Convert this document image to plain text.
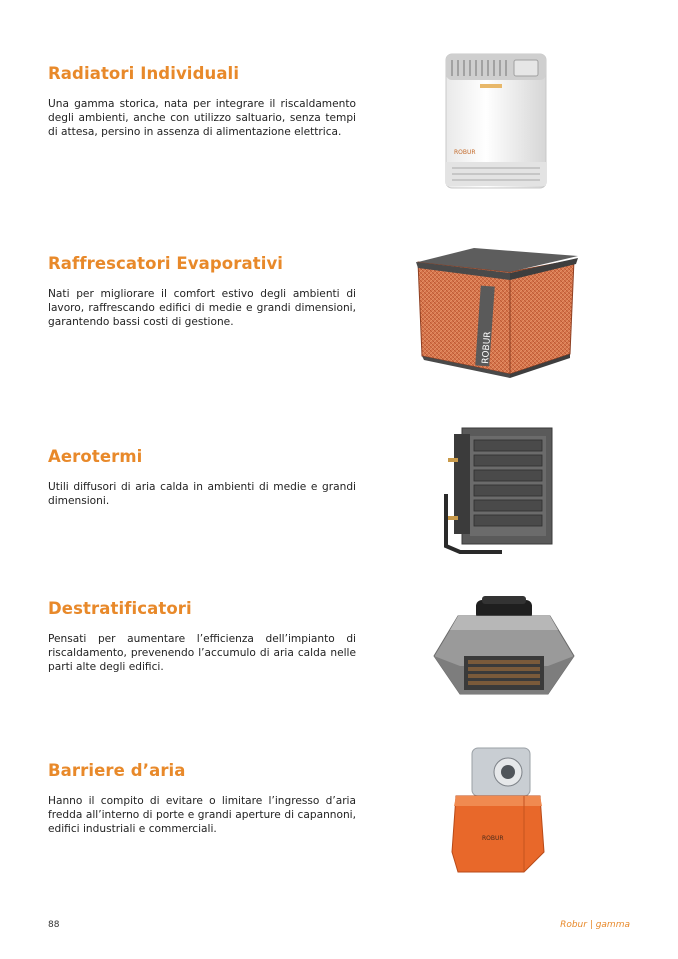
Radiatori Individuali

Una gamma storica, nata per integrare il riscaldamento degli ambienti, anche con utilizzo saltuario, senza tempi di attesa, persino in assenza di alimentazione elettrica.

ROBUR
Raffrescatori Evaporativi

Nati per migliorare il comfort estivo degli ambienti di lavoro, raffrescando edifici di medie e grandi dimensioni, garantendo bassi costi di gestione.

ROBUR
Aerotermi

Utili diffusori di aria calda in ambienti di medie e grandi dimensioni.

Destratificatori

Pensati per aumentare l’efficienza dell’impianto di riscaldamento, prevenendo l’accumulo di aria calda nelle parti alte degli edifici.

Barriere d’aria

Hanno il compito di evitare o limitare l’ingresso d’aria fredda all’interno di porte e grandi aperture di capannoni, edifici industriali e commerciali.

ROBUR
88	Robur | gamma
